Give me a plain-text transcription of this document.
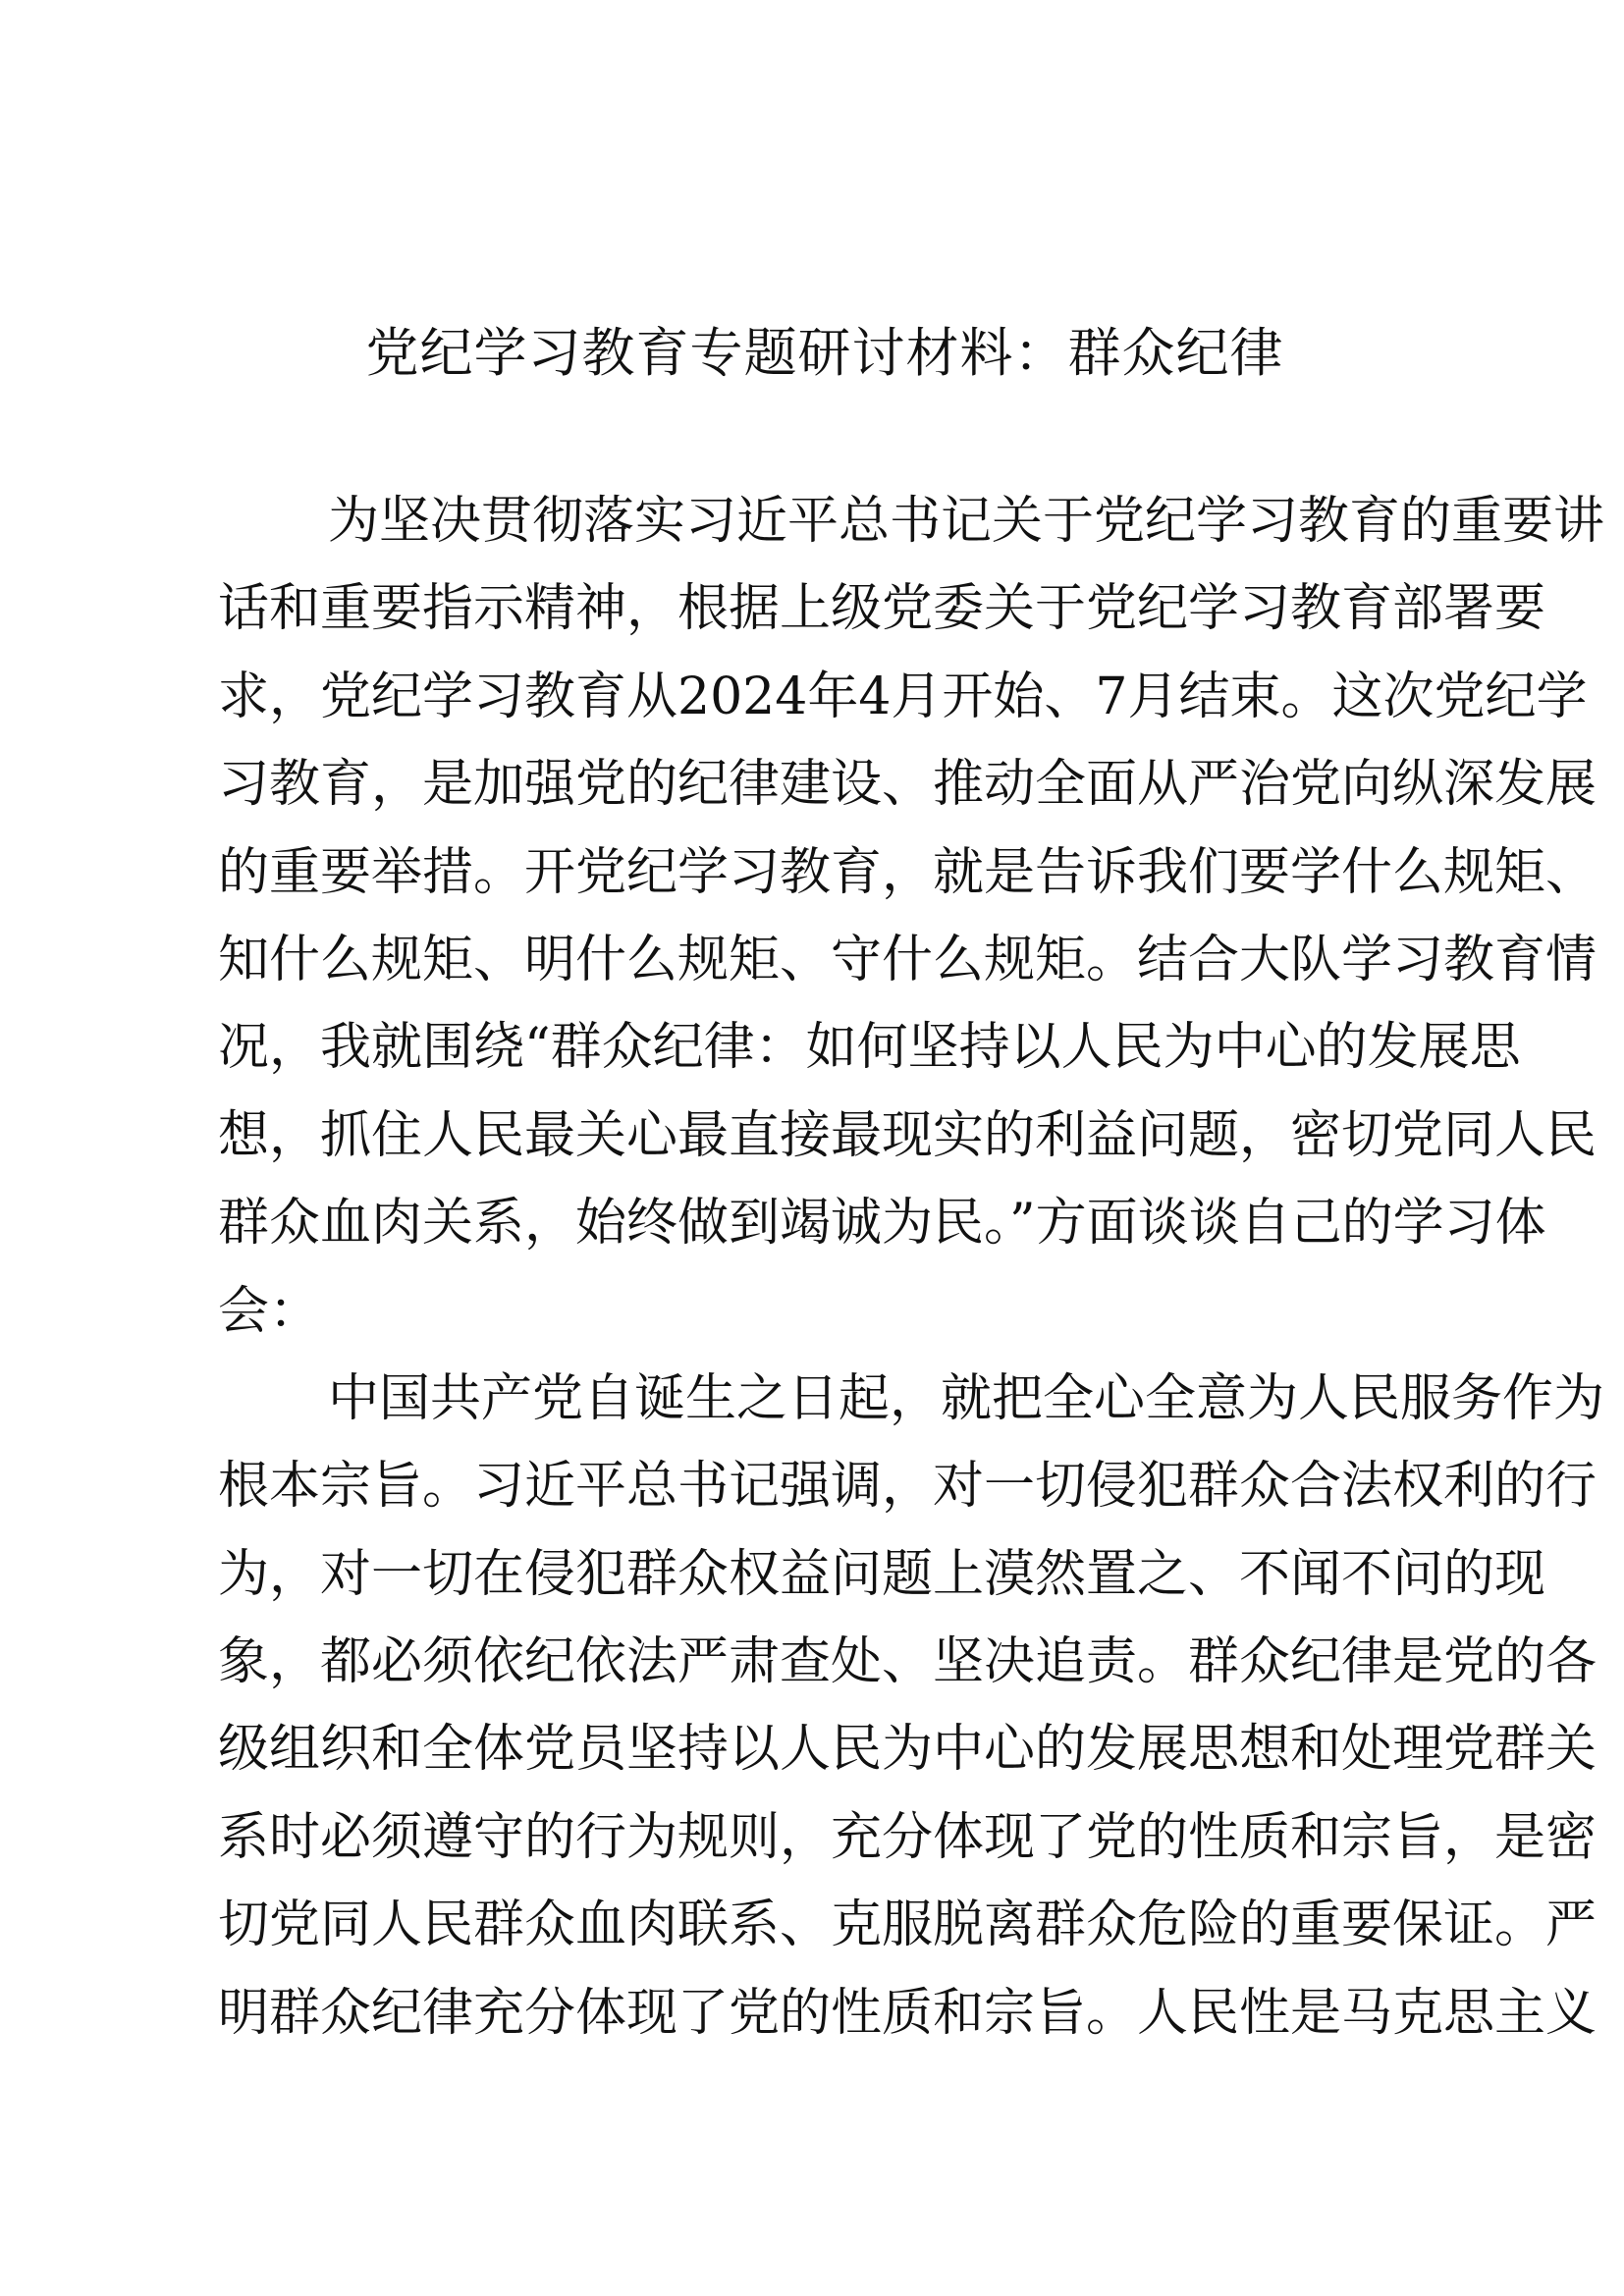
党纪学习教育专题研讨材料：群众纪律
为坚决贯彻落实习近平总书记关于党纪学习教育的重要讲
话和重要指示精神，根据上级党委关于党纪学习教育部署要
求，党纪学习教育从2024年4月开始、7月结束。这次党纪学
习教育，是加强党的纪律建设、推动全面从严治党向纵深发展
的重要举措。开党纪学习教育，就是告诉我们要学什么规矩、
知什么规矩、明什么规矩、守什么规矩。结合大队学习教育情
况，我就围绕“群众纪律：如何坚持以人民为中心的发展思
想，抓住人民最关心最直接最现实的利益问题，密切党同人民
群众血肉关系，始终做到竭诚为民。”方面谈谈自己的学习体
会：
中国共产党自诞生之日起，就把全心全意为人民服务作为
根本宗旨。习近平总书记强调，对一切侵犯群众合法权利的行
为，对一切在侵犯群众权益问题上漠然置之、不闻不问的现
象，都必须依纪依法严肃查处、坚决追责。群众纪律是党的各
级组织和全体党员坚持以人民为中心的发展思想和处理党群关
系时必须遵守的行为规则，充分体现了党的性质和宗旨，是密
切党同人民群众血肉联系、克服脱离群众危险的重要保证。严
明群众纪律充分体现了党的性质和宗旨。人民性是马克思主义
